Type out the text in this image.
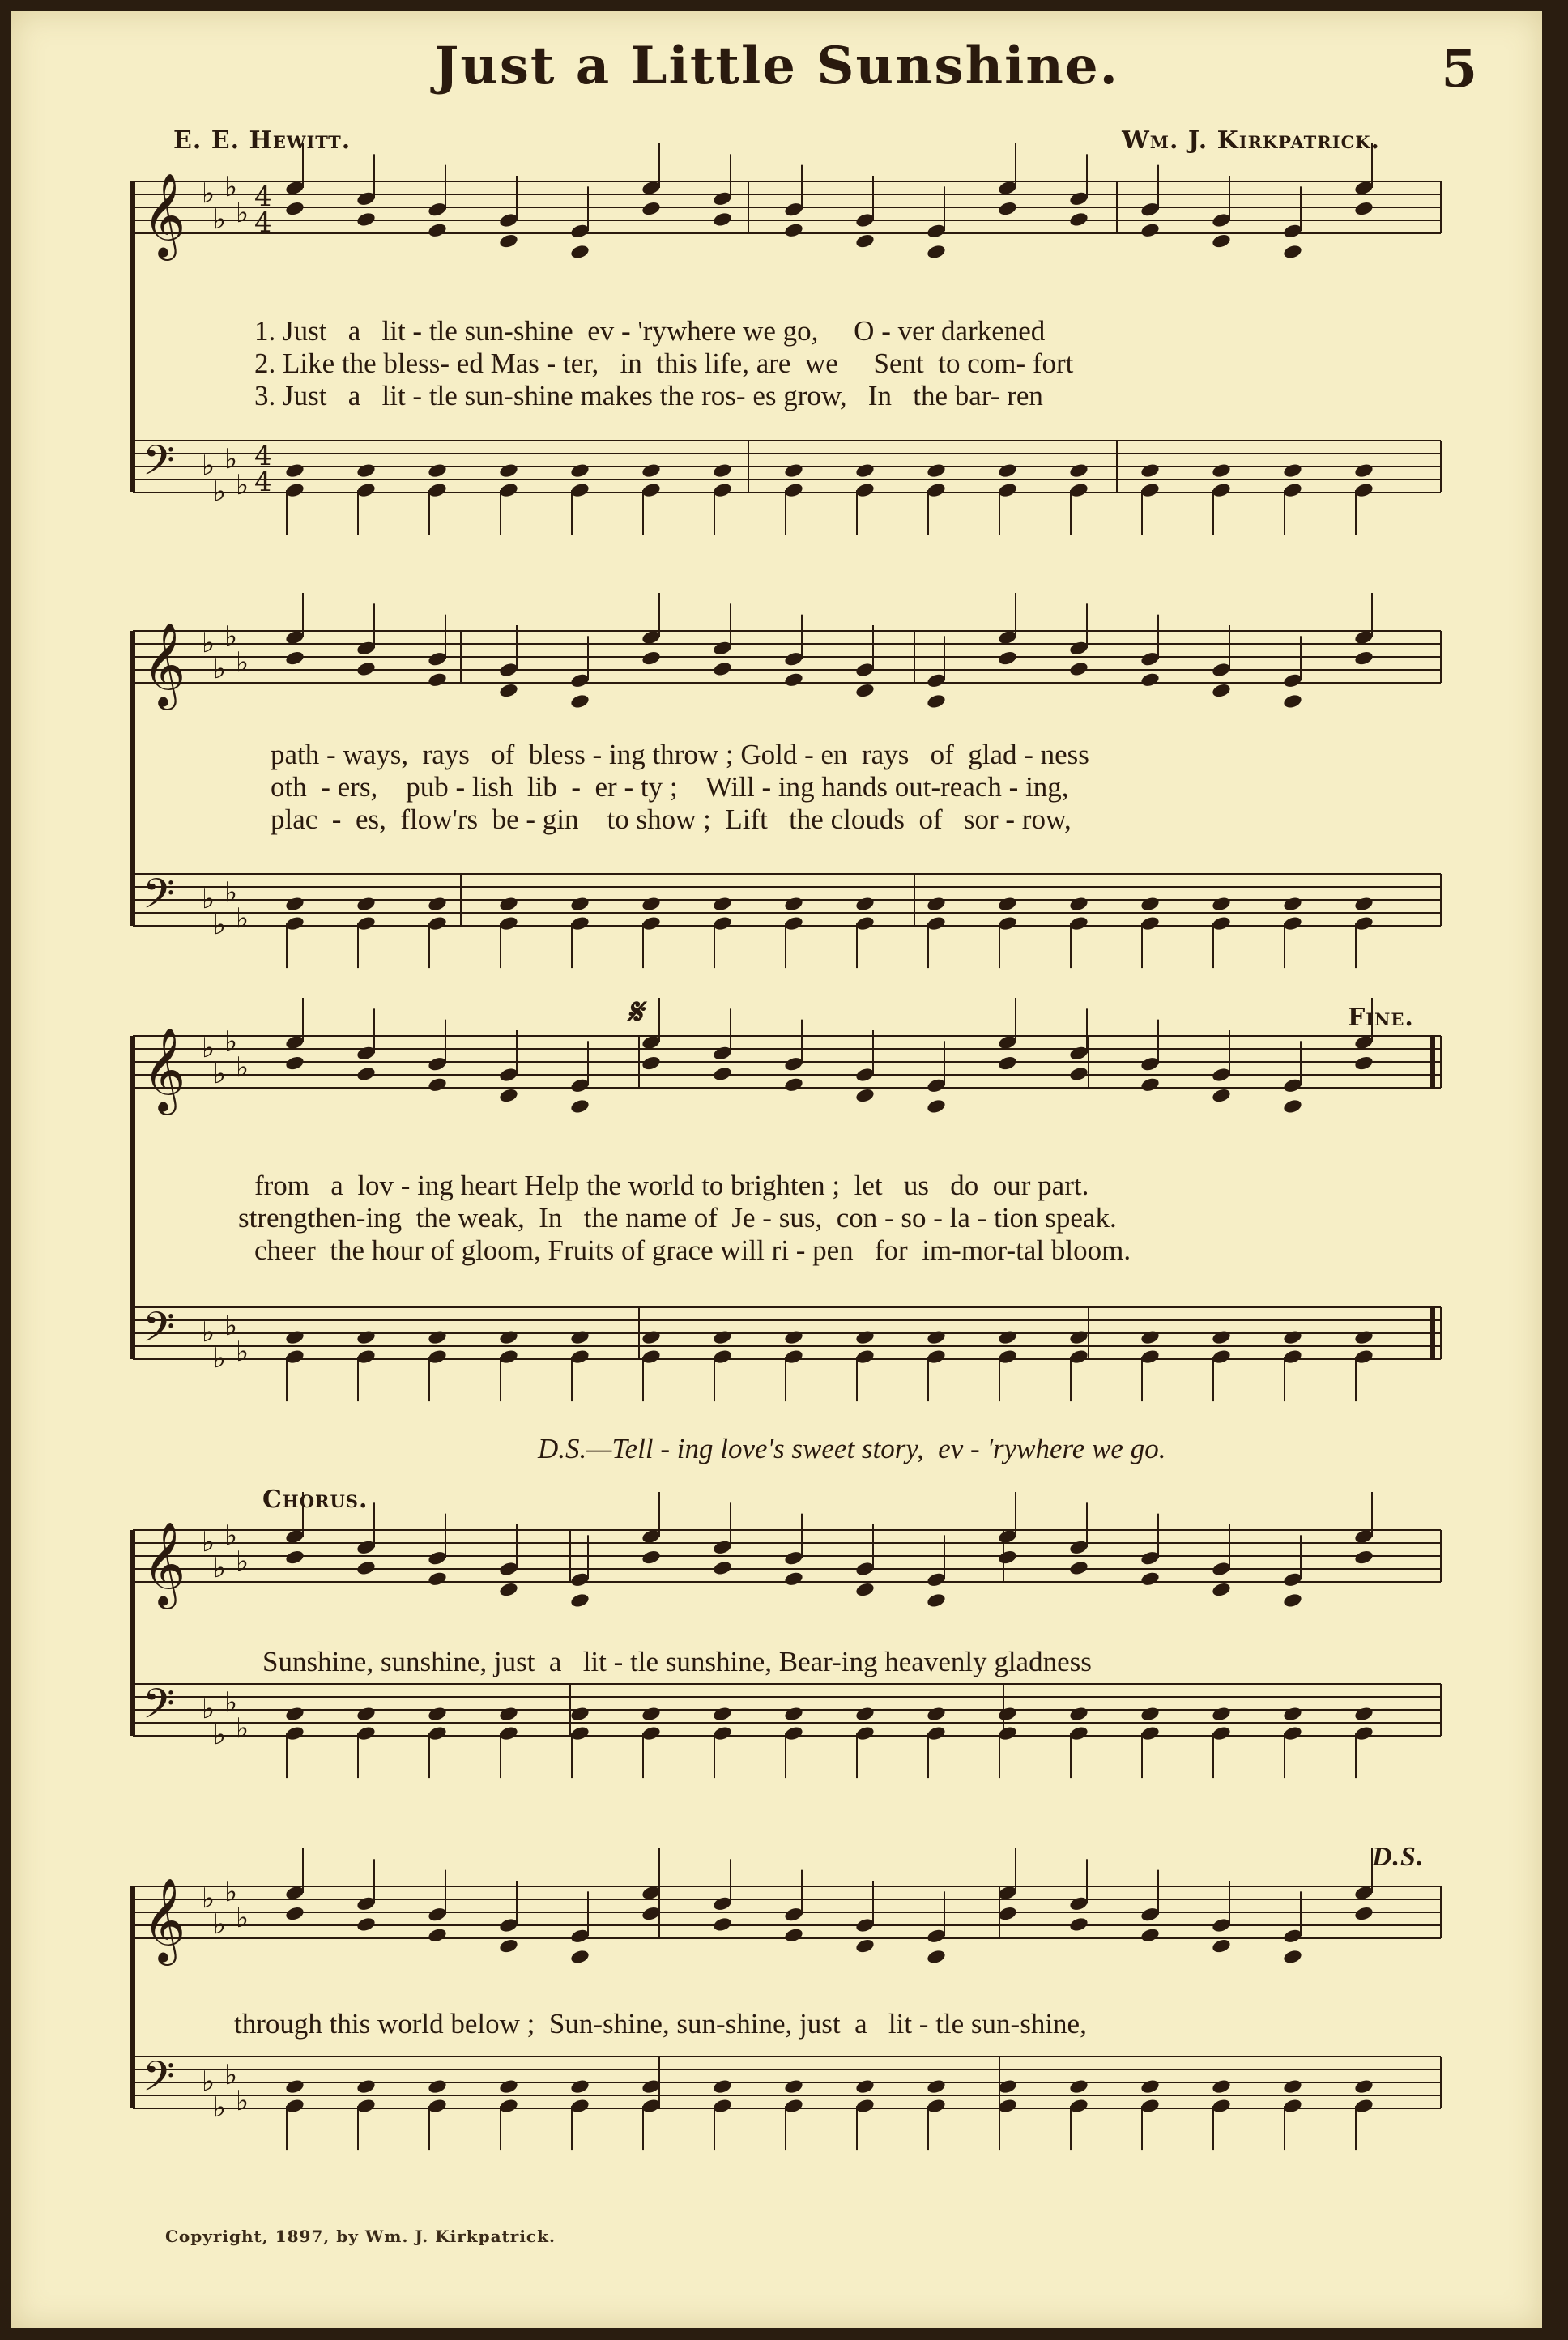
Just a Little Sunshine.	5
E. E. Hewitt.	Wm. J. Kirkpatrick.
𝄞
𝄢
♭
♭
♭
♭
♭
♭
♭
♭
4
4
4
4
𝄞
𝄢
♭
♭
♭
♭
♭
♭
♭
♭
𝄞
𝄢
♭
♭
♭
♭
♭
♭
♭
♭
𝄞
𝄢
♭
♭
♭
♭
♭
♭
♭
♭
𝄞
𝄢
♭
♭
♭
♭
♭
♭
♭
♭
1. Just   a   lit - tle sun-shine  ev - 'rywhere we go,     O - ver darkened
2. Like the bless- ed Mas - ter,   in  this life, are  we     Sent  to com- fort
3. Just   a   lit - tle sun-shine makes the ros- es grow,   In   the bar- ren
path - ways,  rays   of  bless - ing throw ; Gold - en  rays   of  glad - ness
oth  - ers,    pub - lish  lib  -  er - ty ;    Will - ing hands out-reach - ing,
plac  -  es,  flow'rs  be - gin    to show ;  Lift   the clouds  of   sor - row,
from   a  lov - ing heart Help the world to brighten ;  let   us   do  our part.
strengthen-ing  the weak,  In   the name of  Je - sus,  con - so - la - tion speak.
cheer  the hour of gloom, Fruits of grace will ri - pen   for  im-mor-tal bloom.
D.S.—Tell - ing love's sweet story,  ev - 'rywhere we go.
Chorus.
Sunshine, sunshine, just  a   lit - tle sunshine, Bear-ing heavenly gladness
through this world below ;  Sun-shine, sun-shine, just  a   lit - tle sun-shine,
Fine.
𝄋
D.S.
Copyright, 1897, by Wm. J. Kirkpatrick.
